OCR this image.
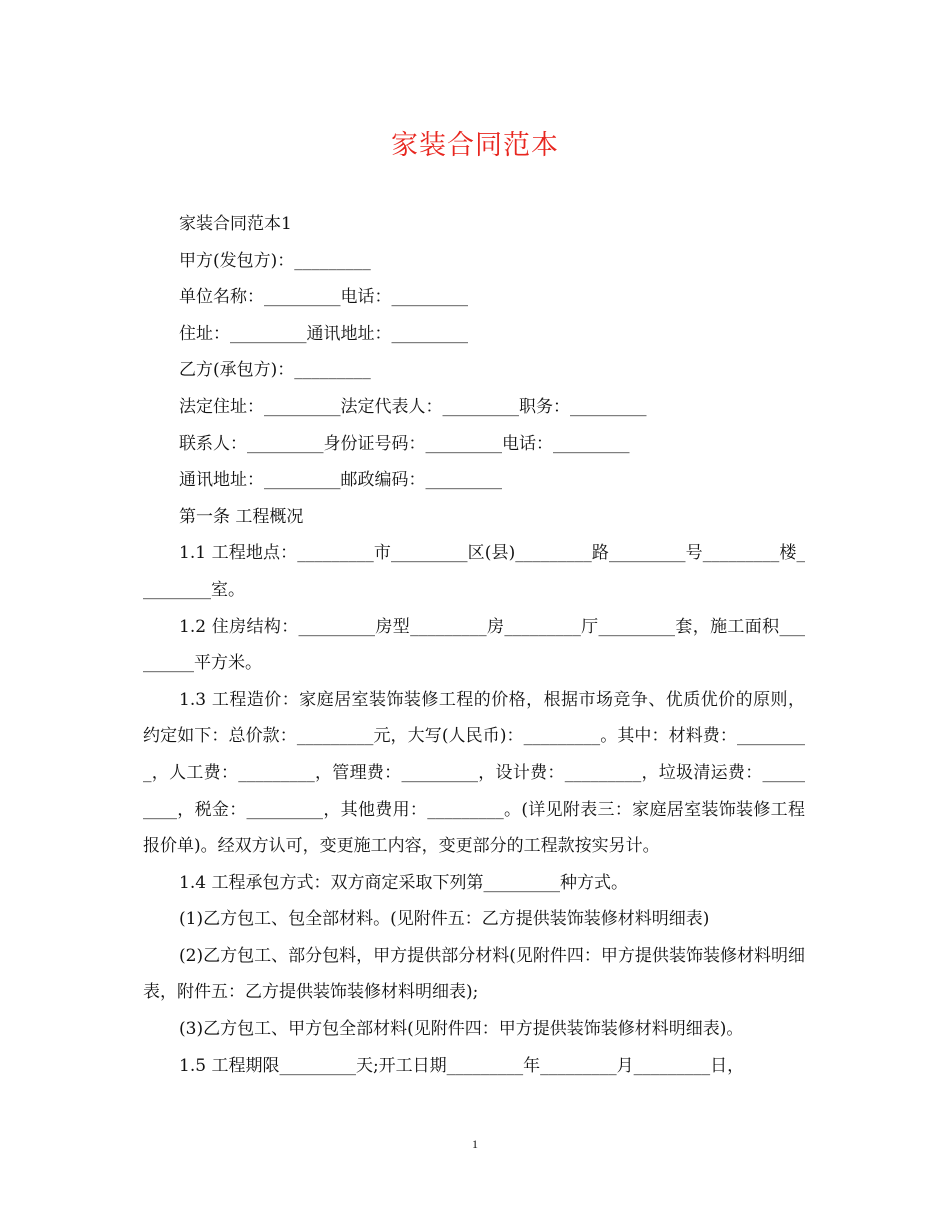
家装合同范本

家装合同范本1

甲方(发包方)：_________

单位名称：_________电话：_________

住址：_________通讯地址：_________

乙方(承包方)：_________

法定住址：_________法定代表人：_________职务：_________

联系人：_________身份证号码：_________电话：_________

通讯地址：_________邮政编码：_________

第一条 工程概况

1.1 工程地点：_________市_________区(县)_________路_________号_________楼_________室。

1.2 住房结构：_________房型_________房_________厅_________套，施工面积_________平方米。

1.3 工程造价：家庭居室装饰装修工程的价格，根据市场竞争、优质优价的原则，约定如下：总价款：_________元，大写(人民币)：_________。其中：材料费：_________，人工费：_________，管理费：_________，设计费：_________，垃圾清运费：_________，税金：_________，其他费用：_________。(详见附表三：家庭居室装饰装修工程报价单)。经双方认可，变更施工内容，变更部分的工程款按实另计。

1.4 工程承包方式：双方商定采取下列第_________种方式。

(1)乙方包工、包全部材料。(见附件五：乙方提供装饰装修材料明细表)

(2)乙方包工、部分包料，甲方提供部分材料(见附件四：甲方提供装饰装修材料明细表，附件五：乙方提供装饰装修材料明细表);

(3)乙方包工、甲方包全部材料(见附件四：甲方提供装饰装修材料明细表)。

1.5 工程期限_________天;开工日期_________年_________月_________日，

1
